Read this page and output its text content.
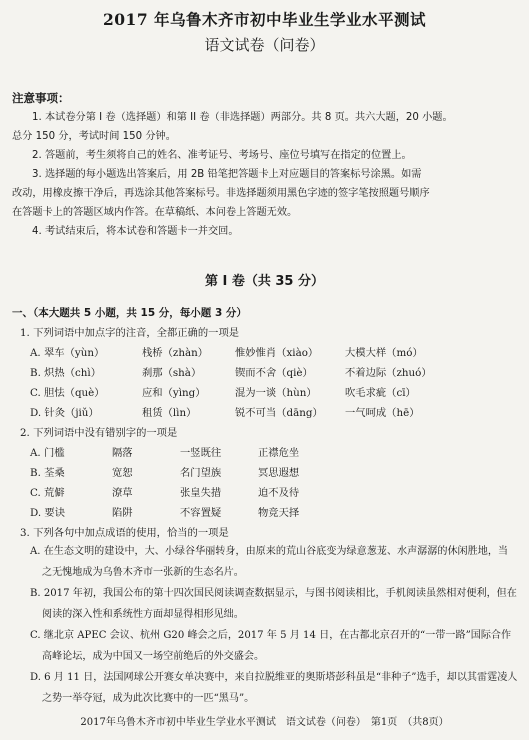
2017 年乌鲁木齐市初中毕业生学业水平测试
语文试卷（问卷）
注意事项：
1. 本试卷分第 I 卷（选择题）和第 II 卷（非选择题）两部分。共 8 页。共六大题，20 小题。
总分 150 分，考试时间 150 分钟。
2. 答题前，考生须将自己的姓名、准考证号、考场号、座位号填写在指定的位置上。
3. 选择题的每小题选出答案后，用 2B 铅笔把答题卡上对应题目的答案标号涂黑。如需
改动，用橡皮擦干净后，再选涂其他答案标号。非选择题须用黑色字迹的签字笔按照题号顺序
在答题卡上的答题区域内作答。在草稿纸、本问卷上答题无效。
4. 考试结束后，将本试卷和答题卡一并交回。
第 I 卷（共 35 分）
一、（本大题共 5 小题，共 15 分，每小题 3 分）
1. 下列词语中加点字的注音，全都正确的一项是
A. 翠车（yùn）	栈桥（zhàn）	惟妙惟肖（xiào）	大模大样（mó）
B. 炽热（chì）	刹那（shà）	锲而不舍（qiè）	不着边际（zhuó）
C. 胆怯（què）	应和（yìng）	混为一谈（hùn）	吹毛求疵（cī）
D. 针灸（jiǔ）	租赁（lìn）	锐不可当（dāng） 一气呵成（hē）
2. 下列词语中没有错别字的一项是
A. 门槛	隔落	一竖既往	正襟危坐
B. 荃桑	宽恕	名门望族	冥思遐想
C. 荒僻	潦草	张皇失措	迫不及待
D. 要诀	陷阱	不容置疑	物竞天择
3. 下列各句中加点成语的使用，恰当的一项是
A. 在生态文明的建设中，大、小绿谷华丽转身，由原来的荒山谷底变为绿意葱茏、水声潺潺的休闲胜地，当之无愧地成为乌鲁木齐市一张新的生态名片。
B. 2017 年初，我国公布的第十四次国民阅读调查数据显示，与图书阅读相比，手机阅读虽然相对便利，但在阅读的深入性和系统性方面却显得相形见绌。
C. 继北京 APEC 会议、杭州 G20 峰会之后，2017 年 5 月 14 日，在古都北京召开的“一带一路”国际合作高峰论坛，成为中国又一场空前绝后的外交盛会。
D. 6 月 11 日，法国网球公开赛女单决赛中，来自拉脱维亚的奥斯塔彭科虽是“非种子”选手，却以其雷霆凌人之势一举夺冠，成为此次比赛中的一匹“黑马”。
2017年乌鲁木齐市初中毕业生学业水平测试　语文试卷（问卷）　第1页　（共8页）
